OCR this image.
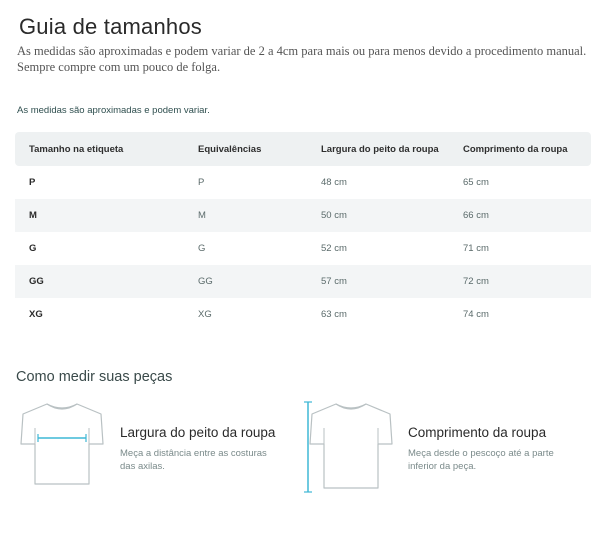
Guia de tamanhos
As medidas são aproximadas e podem variar de 2 a 4cm para mais ou para menos devido a procedimento manual. Sempre compre com um pouco de folga.
As medidas são aproximadas e podem variar.
Tamanho na etiqueta	Equivalências	Largura do peito da roupa	Comprimento da roupa
P	P	48 cm	65 cm
M	M	50 cm	66 cm
G	G	52 cm	71 cm
GG	GG	57 cm	72 cm
XG	XG	63 cm	74 cm
Como medir suas peças
Largura do peito da roupa
Meça a distância entre as costuras
das axilas.
Comprimento da roupa
Meça desde o pescoço até a parte
inferior da peça.
